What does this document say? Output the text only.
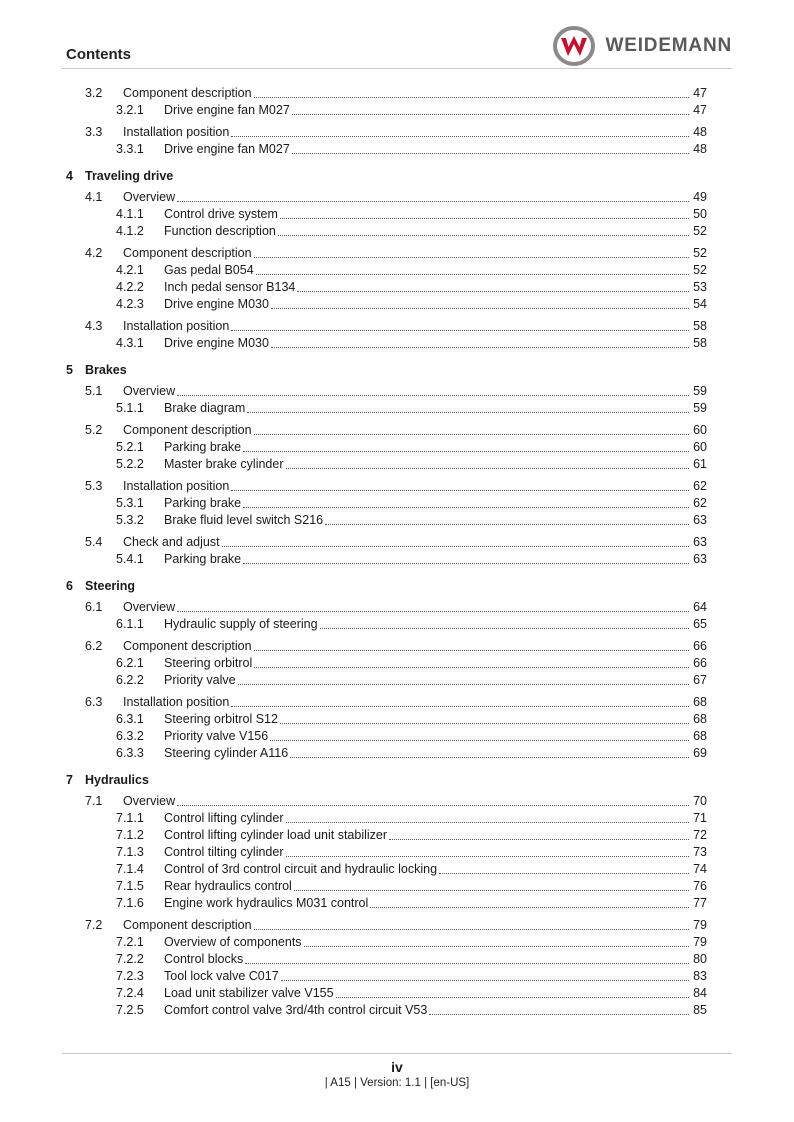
Contents	WEIDEMANN
3.2	Component description	47
3.2.1	Drive engine fan M027	47
3.3	Installation position	48
3.3.1	Drive engine fan M027	48
4 Traveling drive
4.1	Overview	49
4.1.1	Control drive system	50
4.1.2	Function description	52
4.2	Component description	52
4.2.1	Gas pedal B054	52
4.2.2	Inch pedal sensor B134	53
4.2.3	Drive engine M030	54
4.3	Installation position	58
4.3.1	Drive engine M030	58
5 Brakes
5.1	Overview	59
5.1.1	Brake diagram	59
5.2	Component description	60
5.2.1	Parking brake	60
5.2.2	Master brake cylinder	61
5.3	Installation position	62
5.3.1	Parking brake	62
5.3.2	Brake fluid level switch S216	63
5.4	Check and adjust	63
5.4.1	Parking brake	63
6 Steering
6.1	Overview	64
6.1.1	Hydraulic supply of steering	65
6.2	Component description	66
6.2.1	Steering orbitrol	66
6.2.2	Priority valve	67
6.3	Installation position	68
6.3.1	Steering orbitrol S12	68
6.3.2	Priority valve V156	68
6.3.3	Steering cylinder A116	69
7 Hydraulics
7.1	Overview	70
7.1.1	Control lifting cylinder	71
7.1.2	Control lifting cylinder load unit stabilizer	72
7.1.3	Control tilting cylinder	73
7.1.4	Control of 3rd control circuit and hydraulic locking	74
7.1.5	Rear hydraulics control	76
7.1.6	Engine work hydraulics M031 control	77
7.2	Component description	79
7.2.1	Overview of components	79
7.2.2	Control blocks	80
7.2.3	Tool lock valve C017	83
7.2.4	Load unit stabilizer valve V155	84
7.2.5	Comfort control valve 3rd/4th control circuit V53	85
iv
| A15 | Version: 1.1 | [en-US]
